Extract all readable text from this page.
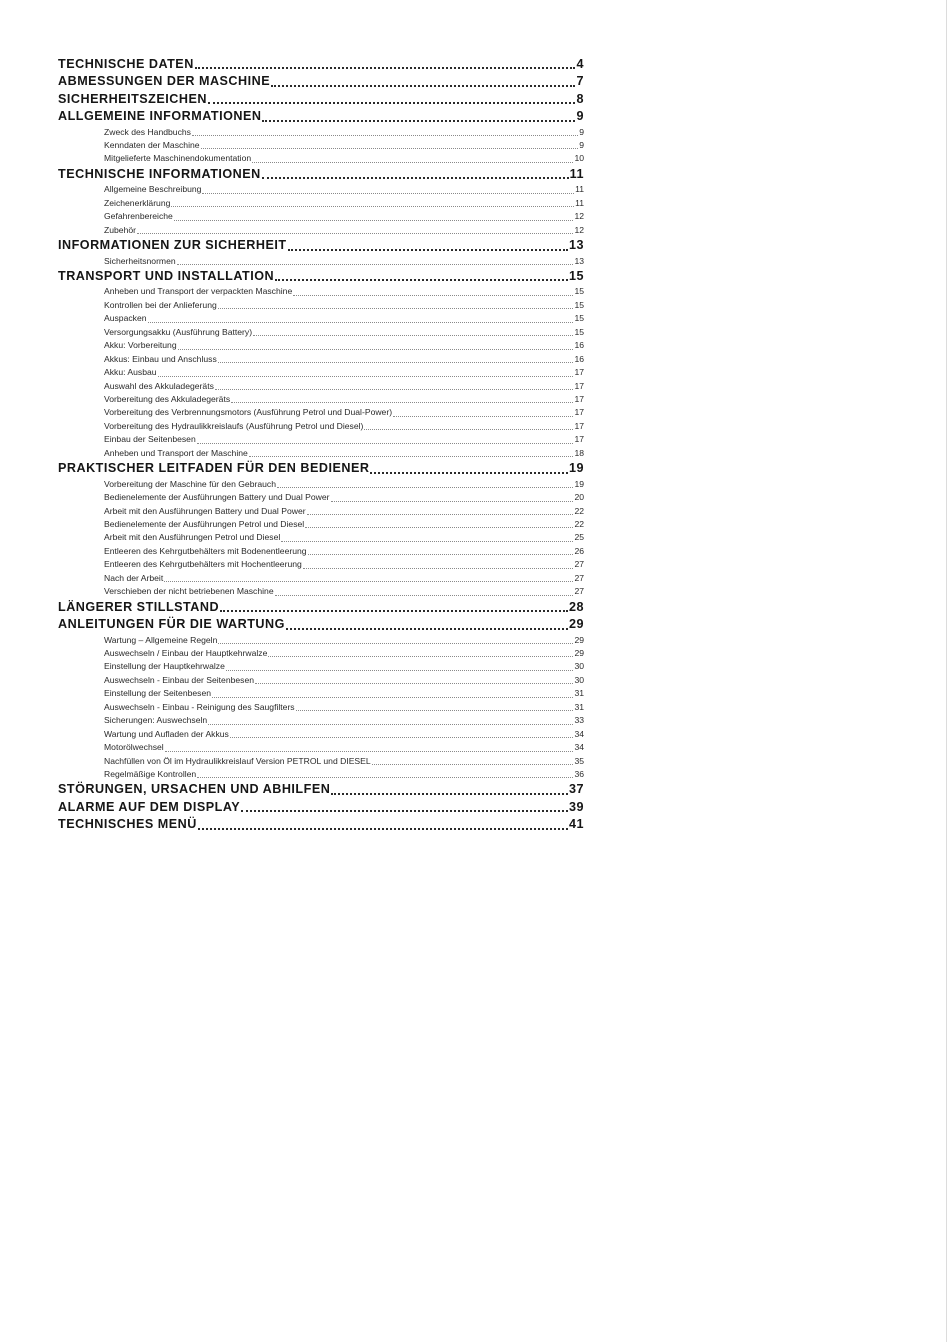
TECHNISCHE DATEN	4
ABMESSUNGEN DER MASCHINE	7
SICHERHEITSZEICHEN	8
ALLGEMEINE INFORMATIONEN	9
Zweck des Handbuchs	9
Kenndaten der Maschine	9
Mitgelieferte Maschinendokumentation	10
TECHNISCHE INFORMATIONEN	11
Allgemeine Beschreibung	11
Zeichenerklärung	11
Gefahrenbereiche	12
Zubehör	12
INFORMATIONEN ZUR SICHERHEIT	13
Sicherheitsnormen	13
TRANSPORT UND INSTALLATION	15
Anheben und Transport der verpackten Maschine	15
Kontrollen bei der Anlieferung	15
Auspacken	15
Versorgungsakku (Ausführung Battery)	15
Akku: Vorbereitung	16
Akkus: Einbau und Anschluss	16
Akku: Ausbau	17
Auswahl des Akkuladegeräts	17
Vorbereitung des Akkuladegeräts	17
Vorbereitung des Verbrennungsmotors (Ausführung Petrol und Dual-Power)	17
Vorbereitung des Hydraulikkreislaufs (Ausführung Petrol und Diesel)	17
Einbau der Seitenbesen	17
Anheben und Transport der Maschine	18
PRAKTISCHER LEITFADEN FÜR DEN BEDIENER	19
Vorbereitung der Maschine für den Gebrauch	19
Bedienelemente der Ausführungen Battery und Dual Power	20
Arbeit mit den Ausführungen Battery und Dual Power	22
Bedienelemente der Ausführungen Petrol und Diesel	22
Arbeit mit den Ausführungen Petrol und Diesel	25
Entleeren des Kehrgutbehälters mit Bodenentleerung	26
Entleeren des Kehrgutbehälters mit Hochentleerung	27
Nach der Arbeit	27
Verschieben der nicht betriebenen Maschine	27
LÄNGERER STILLSTAND	28
ANLEITUNGEN FÜR DIE WARTUNG	29
Wartung – Allgemeine Regeln	29
Auswechseln / Einbau der Hauptkehrwalze	29
Einstellung der Hauptkehrwalze	30
Auswechseln - Einbau der Seitenbesen	30
Einstellung der Seitenbesen	31
Auswechseln - Einbau - Reinigung des Saugfilters	31
Sicherungen: Auswechseln	33
Wartung und Aufladen der Akkus	34
Motorölwechsel	34
Nachfüllen von Öl im Hydraulikkreislauf Version PETROL und DIESEL	35
Regelmäßige Kontrollen	36
STÖRUNGEN, URSACHEN UND ABHILFEN	37
ALARME AUF DEM DISPLAY	39
TECHNISCHES MENÜ	41
